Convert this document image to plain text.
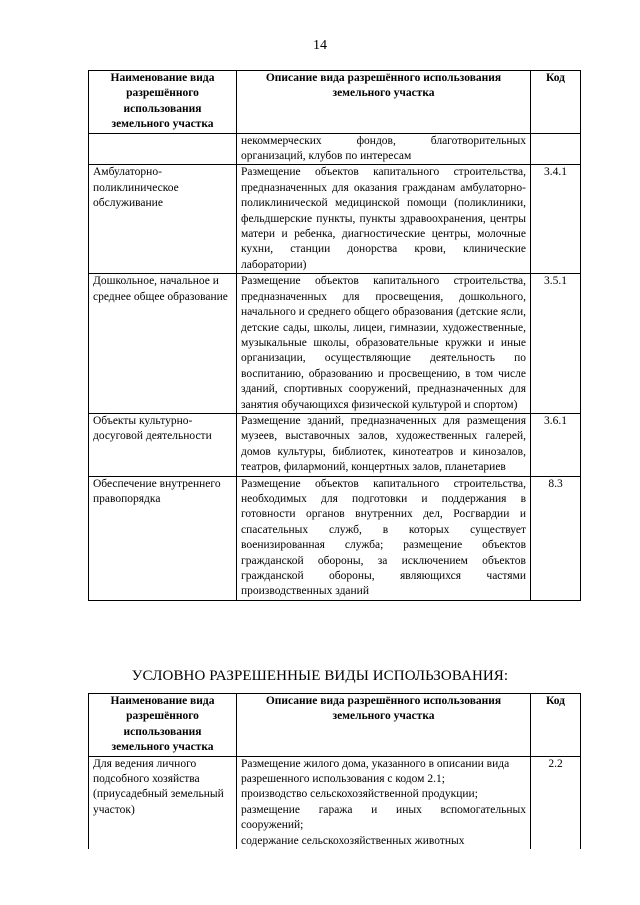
14
Наименование вида разрешённого использования земельного участка	Описание вида разрешённого использования земельного участка	Код
	некоммерческих фондов, благотворительных организаций, клубов по интересам	
Амбулаторно-поликлиническое обслуживание	Размещение объектов капитального строительства, предназначенных для оказания гражданам амбулаторно-поликлинической медицинской помощи (поликлиники, фельдшерские пункты, пункты здравоохранения, центры матери и ребенка, диагностические центры, молочные кухни, станции донорства крови, клинические лаборатории)	3.4.1
Дошкольное, начальное и среднее общее образование	Размещение объектов капитального строительства, предназначенных для просвещения, дошкольного, начального и среднего общего образования (детские ясли, детские сады, школы, лицеи, гимназии, художественные, музыкальные школы, образовательные кружки и иные организации, осуществляющие деятельность по воспитанию, образованию и просвещению, в том числе зданий, спортивных сооружений, предназначенных для занятия обучающихся физической культурой и спортом)	3.5.1
Объекты культурно-досуговой деятельности	Размещение зданий, предназначенных для размещения музеев, выставочных залов, художественных галерей, домов культуры, библиотек, кинотеатров и кинозалов, театров, филармоний, концертных залов, планетариев	3.6.1
Обеспечение внутреннего правопорядка	Размещение объектов капитального строительства, необходимых для подготовки и поддержания в готовности органов внутренних дел, Росгвардии и спасательных служб, в которых существует военизированная служба; размещение объектов гражданской обороны, за исключением объектов гражданской обороны, являющихся частями производственных зданий	8.3
УСЛОВНО РАЗРЕШЕННЫЕ ВИДЫ ИСПОЛЬЗОВАНИЯ:
Наименование вида разрешённого использования земельного участка	Описание вида разрешённого использования земельного участка	Код
Для ведения личного подсобного хозяйства (приусадебный земельный участок)	Размещение жилого дома, указанного в описании вида разрешенного использования с кодом 2.1;
производство сельскохозяйственной продукции;
размещение гаража и иных вспомогательных сооружений;
содержание сельскохозяйственных животных	2.2
